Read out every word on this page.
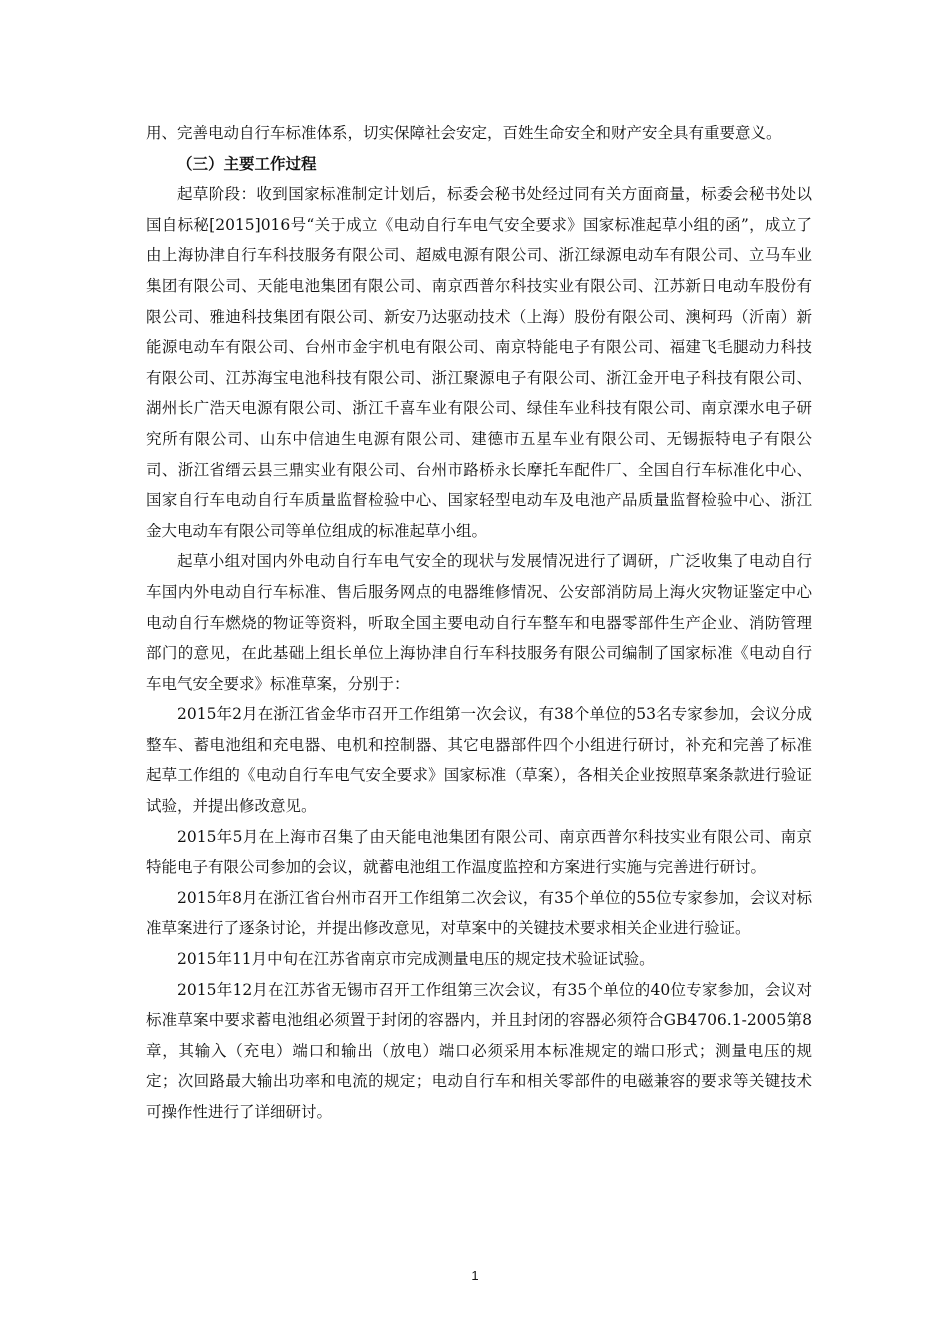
用、完善电动自行车标准体系，切实保障社会安定，百姓生命安全和财产安全具有重要意义。

（三）主要工作过程

起草阶段：收到国家标准制定计划后，标委会秘书处经过同有关方面商量，标委会秘书处以国自标秘[2015]016号“关于成立《电动自行车电气安全要求》国家标准起草小组的函”，成立了由上海协津自行车科技服务有限公司、超威电源有限公司、浙江绿源电动车有限公司、立马车业集团有限公司、天能电池集团有限公司、南京西普尔科技实业有限公司、江苏新日电动车股份有限公司、雅迪科技集团有限公司、新安乃达驱动技术（上海）股份有限公司、澳柯玛（沂南）新能源电动车有限公司、台州市金宇机电有限公司、南京特能电子有限公司、福建飞毛腿动力科技有限公司、江苏海宝电池科技有限公司、浙江聚源电子有限公司、浙江金开电子科技有限公司、湖州长广浩天电源有限公司、浙江千喜车业有限公司、绿佳车业科技有限公司、南京溧水电子研究所有限公司、山东中信迪生电源有限公司、建德市五星车业有限公司、无锡振特电子有限公司、浙江省缙云县三鼎实业有限公司、台州市路桥永长摩托车配件厂、全国自行车标准化中心、国家自行车电动自行车质量监督检验中心、国家轻型电动车及电池产品质量监督检验中心、浙江金大电动车有限公司等单位组成的标准起草小组。

起草小组对国内外电动自行车电气安全的现状与发展情况进行了调研，广泛收集了电动自行车国内外电动自行车标准、售后服务网点的电器维修情况、公安部消防局上海火灾物证鉴定中心电动自行车燃烧的物证等资料，听取全国主要电动自行车整车和电器零部件生产企业、消防管理部门的意见，在此基础上组长单位上海协津自行车科技服务有限公司编制了国家标准《电动自行车电气安全要求》标准草案，分别于：

2015年2月在浙江省金华市召开工作组第一次会议，有38个单位的53名专家参加，会议分成整车、蓄电池组和充电器、电机和控制器、其它电器部件四个小组进行研讨，补充和完善了标准起草工作组的《电动自行车电气安全要求》国家标准（草案），各相关企业按照草案条款进行验证试验，并提出修改意见。

2015年5月在上海市召集了由天能电池集团有限公司、南京西普尔科技实业有限公司、南京特能电子有限公司参加的会议，就蓄电池组工作温度监控和方案进行实施与完善进行研讨。

2015年8月在浙江省台州市召开工作组第二次会议，有35个单位的55位专家参加，会议对标准草案进行了逐条讨论，并提出修改意见，对草案中的关键技术要求相关企业进行验证。

2015年11月中旬在江苏省南京市完成测量电压的规定技术验证试验。

2015年12月在江苏省无锡市召开工作组第三次会议，有35个单位的40位专家参加，会议对标准草案中要求蓄电池组必须置于封闭的容器内，并且封闭的容器必须符合GB4706.1-2005第8章，其输入（充电）端口和输出（放电）端口必须采用本标准规定的端口形式；测量电压的规定；次回路最大输出功率和电流的规定；电动自行车和相关零部件的电磁兼容的要求等关键技术可操作性进行了详细研讨。

1
